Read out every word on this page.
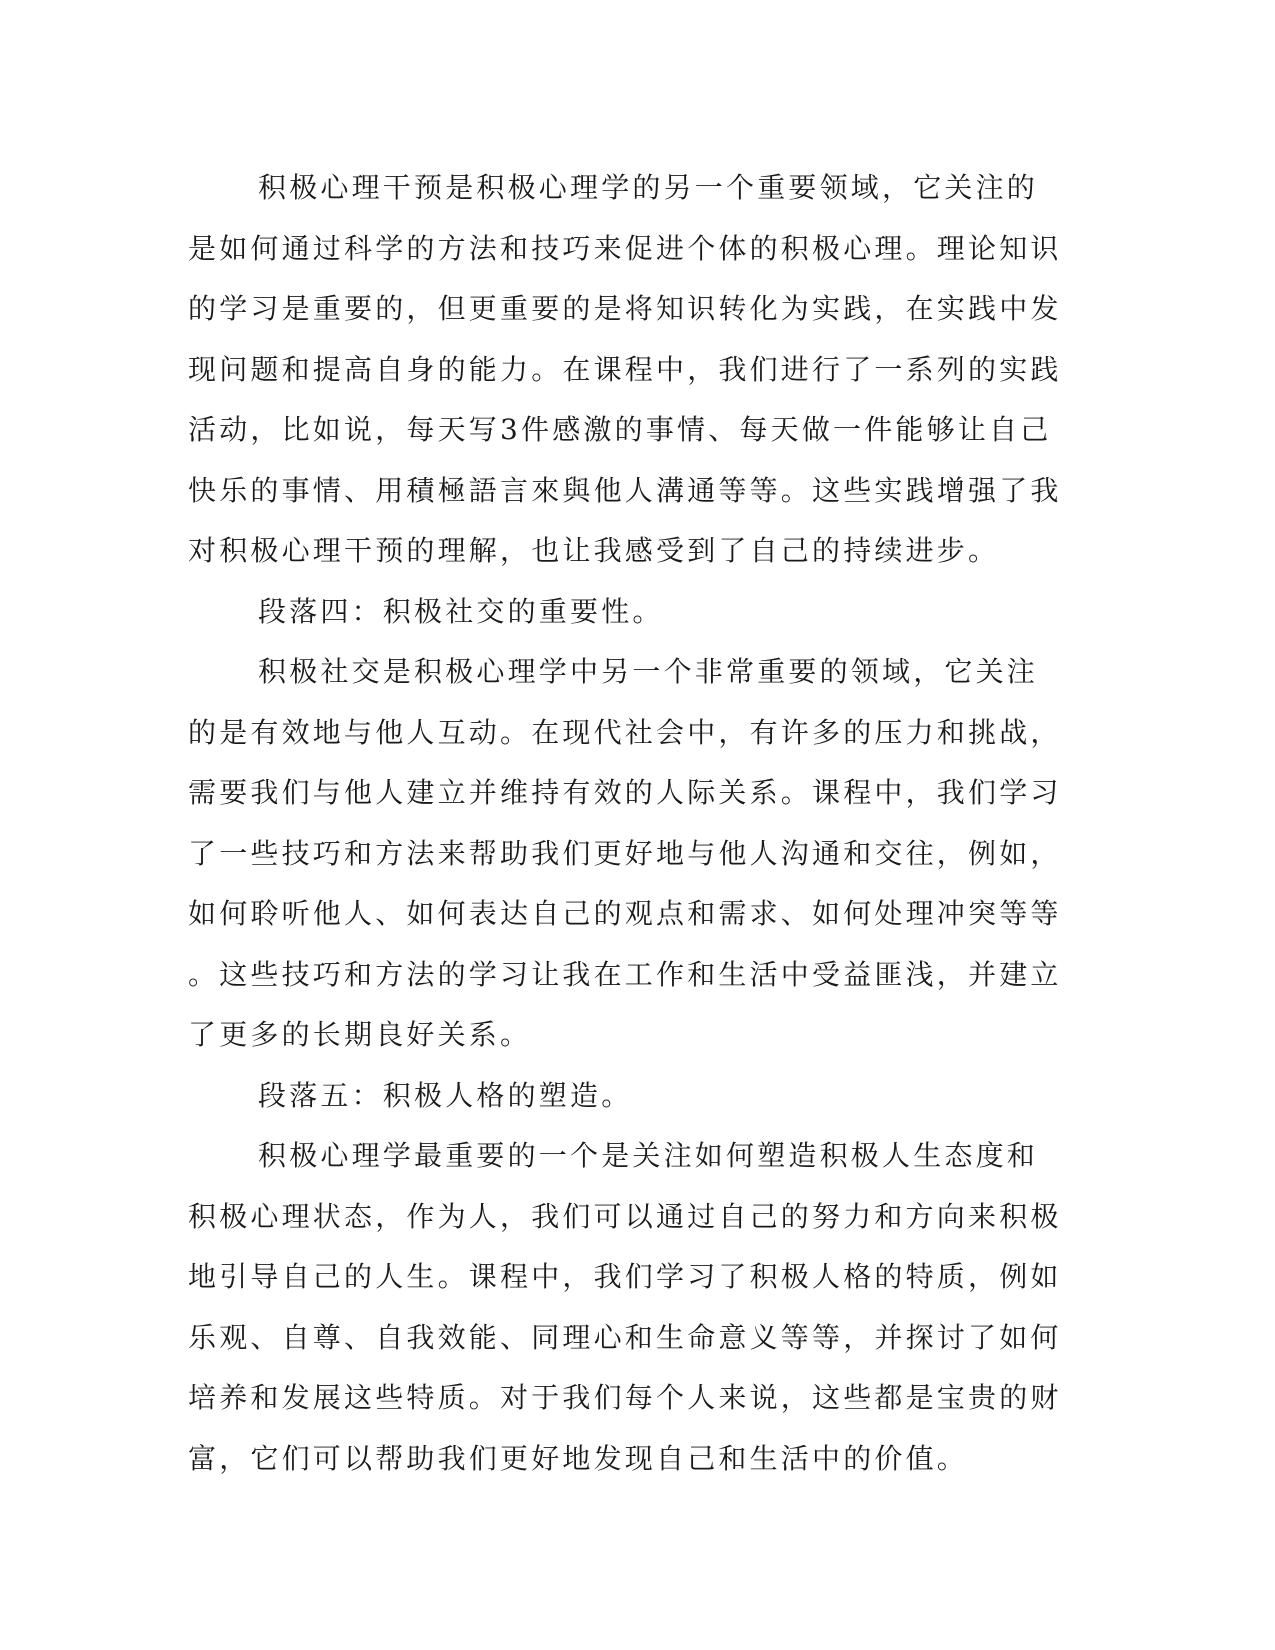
积极心理干预是积极心理学的另一个重要领域，它关注的是如何通过科学的方法和技巧来促进个体的积极心理。理论知识的学习是重要的，但更重要的是将知识转化为实践，在实践中发现问题和提高自身的能力。在课程中，我们进行了一系列的实践活动，比如说，每天写3件感激的事情、每天做一件能够让自己快乐的事情、用積極語言來與他人溝通等等。这些实践增强了我对积极心理干预的理解，也让我感受到了自己的持续进步。

段落四：积极社交的重要性。

积极社交是积极心理学中另一个非常重要的领域，它关注的是有效地与他人互动。在现代社会中，有许多的压力和挑战，需要我们与他人建立并维持有效的人际关系。课程中，我们学习了一些技巧和方法来帮助我们更好地与他人沟通和交往，例如，如何聆听他人、如何表达自己的观点和需求、如何处理冲突等等。这些技巧和方法的学习让我在工作和生活中受益匪浅，并建立了更多的长期良好关系。

段落五：积极人格的塑造。

积极心理学最重要的一个是关注如何塑造积极人生态度和积极心理状态，作为人，我们可以通过自己的努力和方向来积极地引导自己的人生。课程中，我们学习了积极人格的特质，例如乐观、自尊、自我效能、同理心和生命意义等等，并探讨了如何培养和发展这些特质。对于我们每个人来说，这些都是宝贵的财富，它们可以帮助我们更好地发现自己和生活中的价值。
